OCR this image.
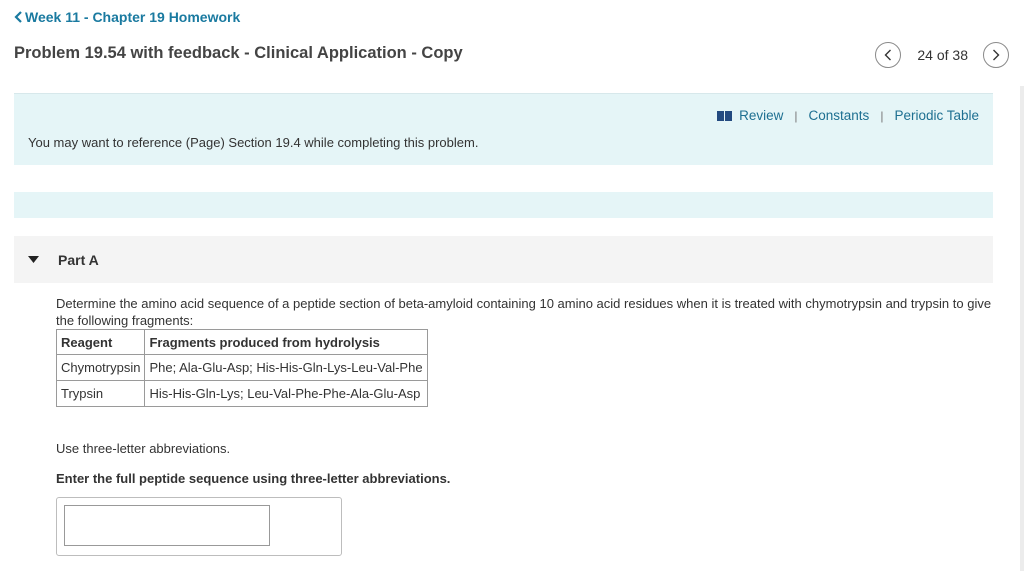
Week 11 - Chapter 19 Homework
Problem 19.54 with feedback - Clinical Application - Copy	24 of 38
Review | Constants | Periodic Table
You may want to reference (Page) Section 19.4 while completing this problem.
Part A

Determine the amino acid sequence of a peptide section of beta-amyloid containing 10 amino acid residues when it is treated with chymotrypsin and trypsin to give the following fragments:

Reagent	Fragments produced from hydrolysis
Chymotrypsin	Phe; Ala-Glu-Asp; His-His-Gln-Lys-Leu-Val-Phe
Trypsin	His-His-Gln-Lys; Leu-Val-Phe-Phe-Ala-Glu-Asp
Use three-letter abbreviations.
Enter the full peptide sequence using three-letter abbreviations.
